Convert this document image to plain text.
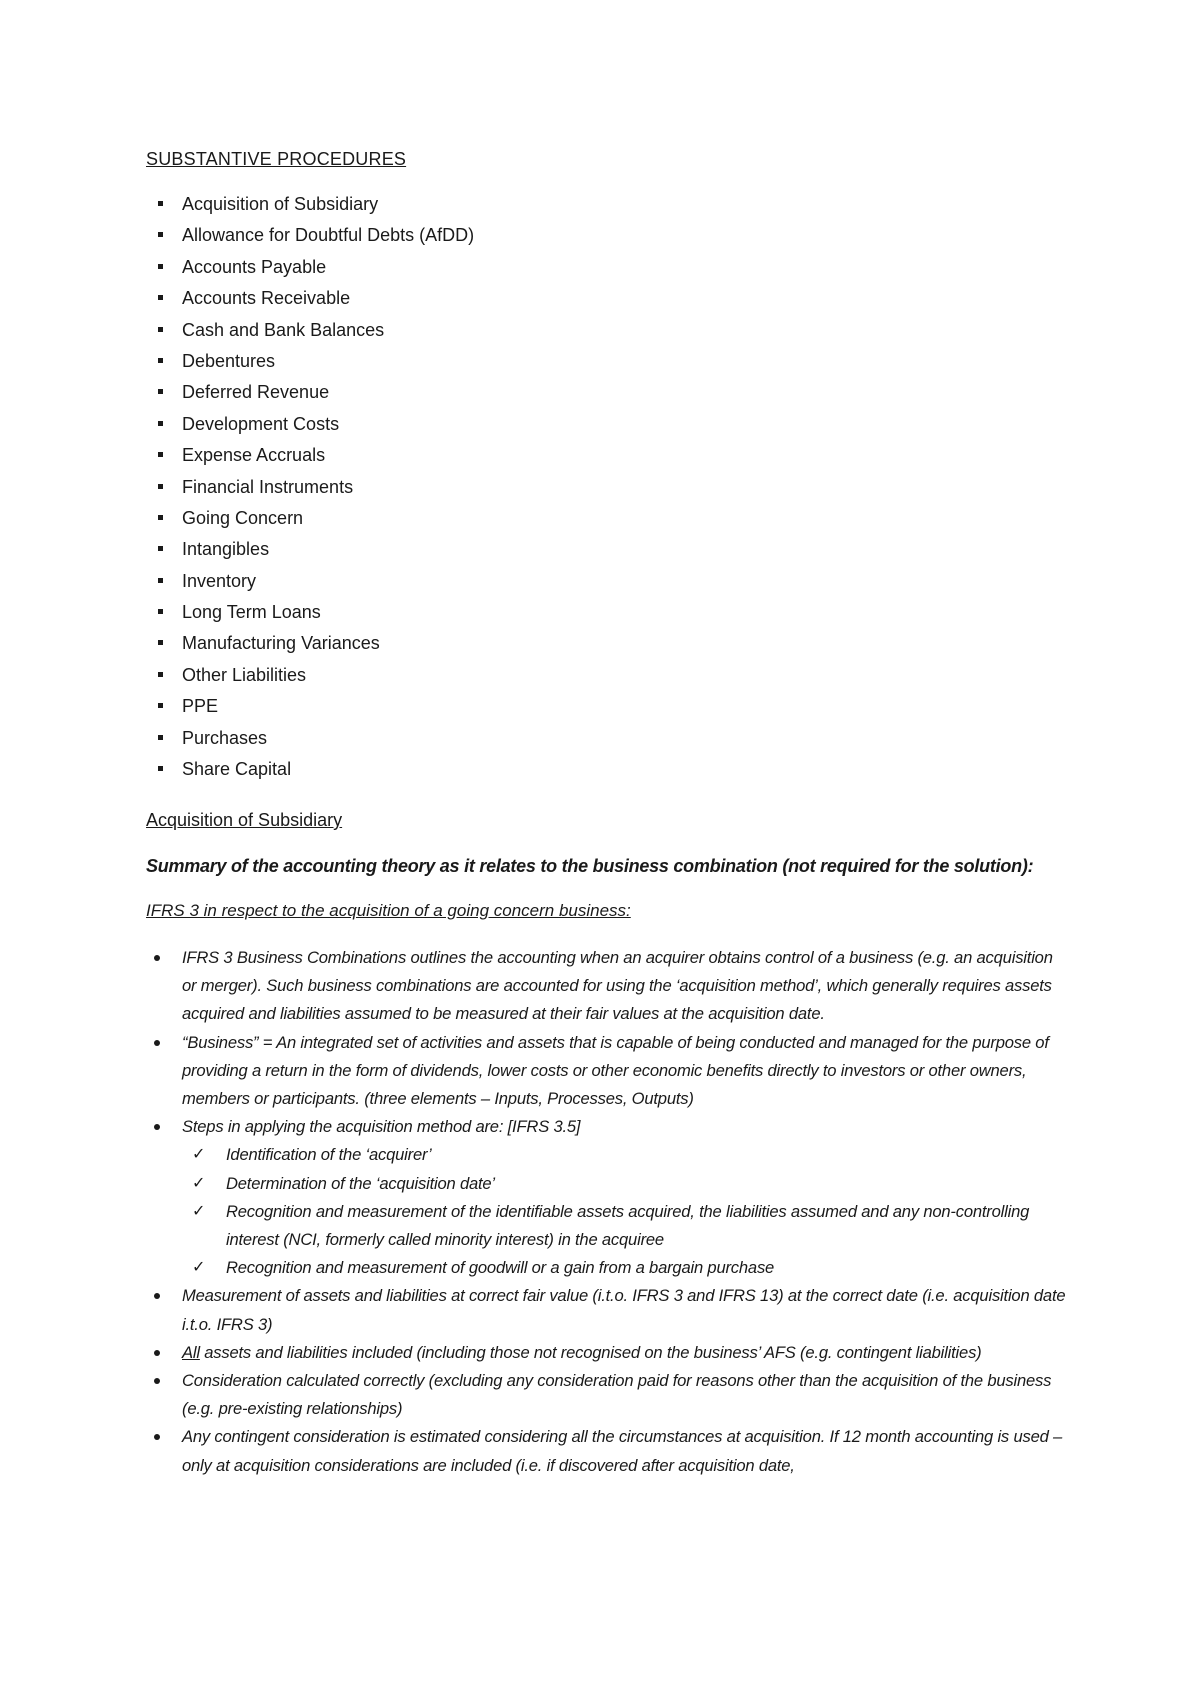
SUBSTANTIVE PROCEDURES
Acquisition of Subsidiary
Allowance for Doubtful Debts (AfDD)
Accounts Payable
Accounts Receivable
Cash and Bank Balances
Debentures
Deferred Revenue
Development Costs
Expense Accruals
Financial Instruments
Going Concern
Intangibles
Inventory
Long Term Loans
Manufacturing Variances
Other Liabilities
PPE
Purchases
Share Capital
Acquisition of Subsidiary
Summary of the accounting theory as it relates to the business combination (not required for the solution):
IFRS 3 in respect to the acquisition of a going concern business:
IFRS 3 Business Combinations outlines the accounting when an acquirer obtains control of a business (e.g. an acquisition or merger). Such business combinations are accounted for using the ‘acquisition method’, which generally requires assets acquired and liabilities assumed to be measured at their fair values at the acquisition date.
“Business” = An integrated set of activities and assets that is capable of being conducted and managed for the purpose of providing a return in the form of dividends, lower costs or other economic benefits directly to investors or other owners, members or participants. (three elements – Inputs, Processes, Outputs)
Steps in applying the acquisition method are: [IFRS 3.5]
✓ Identification of the ‘acquirer’
✓ Determination of the ‘acquisition date’
✓ Recognition and measurement of the identifiable assets acquired, the liabilities assumed and any non-controlling interest (NCI, formerly called minority interest) in the acquiree
✓ Recognition and measurement of goodwill or a gain from a bargain purchase
Measurement of assets and liabilities at correct fair value (i.t.o. IFRS 3 and IFRS 13) at the correct date (i.e. acquisition date i.t.o. IFRS 3)
All assets and liabilities included (including those not recognised on the business’ AFS (e.g. contingent liabilities)
Consideration calculated correctly (excluding any consideration paid for reasons other than the acquisition of the business (e.g. pre-existing relationships)
Any contingent consideration is estimated considering all the circumstances at acquisition. If 12 month accounting is used – only at acquisition considerations are included (i.e. if discovered after acquisition date,
